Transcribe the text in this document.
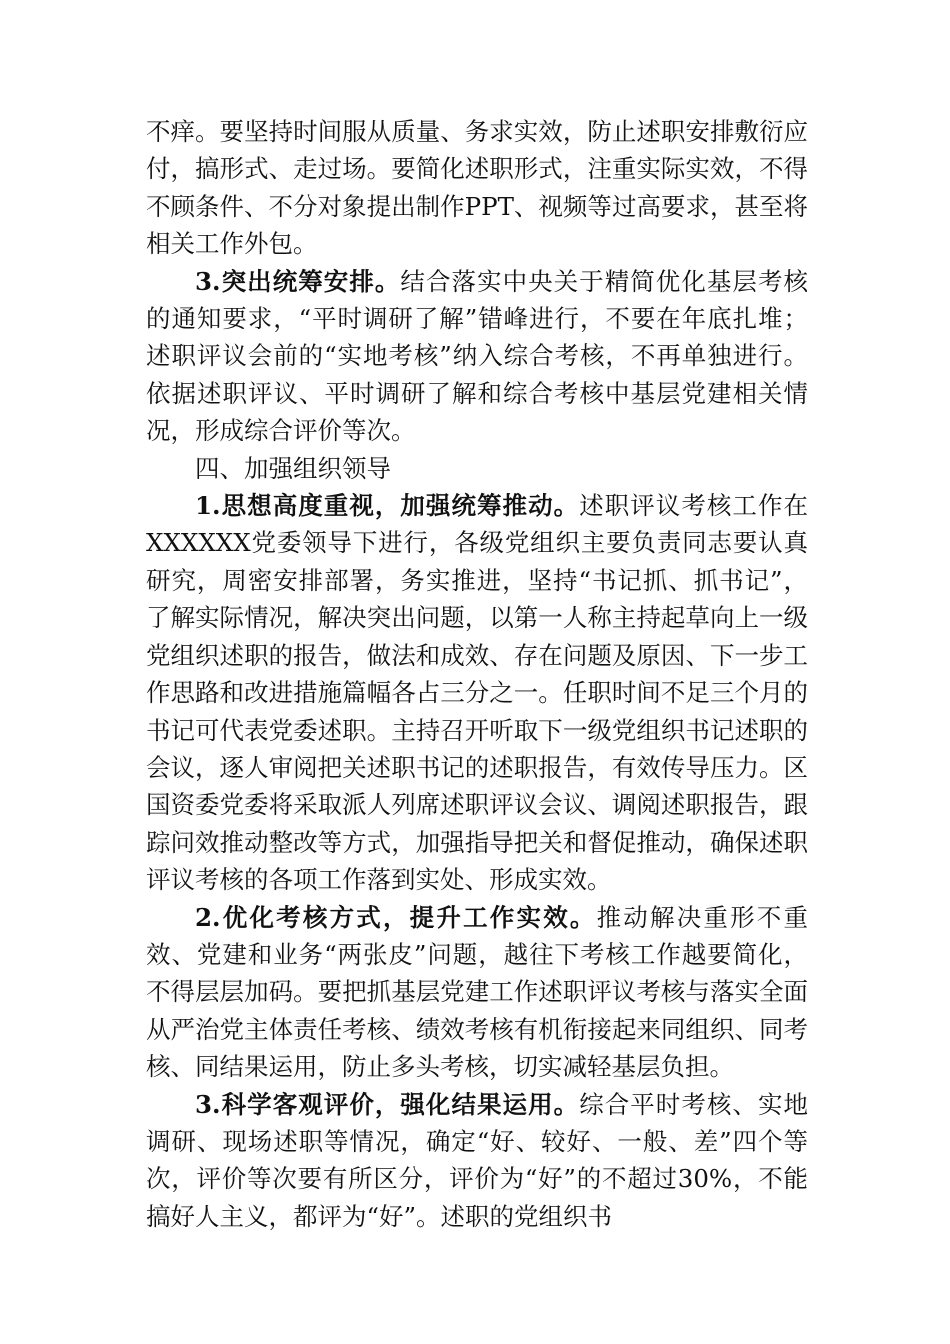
不痒。要坚持时间服从质量、务求实效，防止述职安排敷衍应付，搞形式、走过场。要简化述职形式，注重实际实效，不得不顾条件、不分对象提出制作PPT、视频等过高要求，甚至将相关工作外包。

3.突出统筹安排。结合落实中央关于精简优化基层考核的通知要求，“平时调研了解”错峰进行，不要在年底扎堆；述职评议会前的“实地考核”纳入综合考核，不再单独进行。依据述职评议、平时调研了解和综合考核中基层党建相关情况，形成综合评价等次。

四、加强组织领导

1.思想高度重视，加强统筹推动。述职评议考核工作在XXXXXX党委领导下进行，各级党组织主要负责同志要认真研究，周密安排部署，务实推进，坚持“书记抓、抓书记”，了解实际情况，解决突出问题，以第一人称主持起草向上一级党组织述职的报告，做法和成效、存在问题及原因、下一步工作思路和改进措施篇幅各占三分之一。任职时间不足三个月的书记可代表党委述职。主持召开听取下一级党组织书记述职的会议，逐人审阅把关述职书记的述职报告，有效传导压力。区国资委党委将采取派人列席述职评议会议、调阅述职报告，跟踪问效推动整改等方式，加强指导把关和督促推动，确保述职评议考核的各项工作落到实处、形成实效。

2.优化考核方式，提升工作实效。推动解决重形不重效、党建和业务“两张皮”问题，越往下考核工作越要简化，不得层层加码。要把抓基层党建工作述职评议考核与落实全面从严治党主体责任考核、绩效考核有机衔接起来同组织、同考核、同结果运用，防止多头考核，切实减轻基层负担。

3.科学客观评价，强化结果运用。综合平时考核、实地调研、现场述职等情况，确定“好、较好、一般、差”四个等次，评价等次要有所区分，评价为“好”的不超过30%，不能搞好人主义，都评为“好”。述职的党组织书
